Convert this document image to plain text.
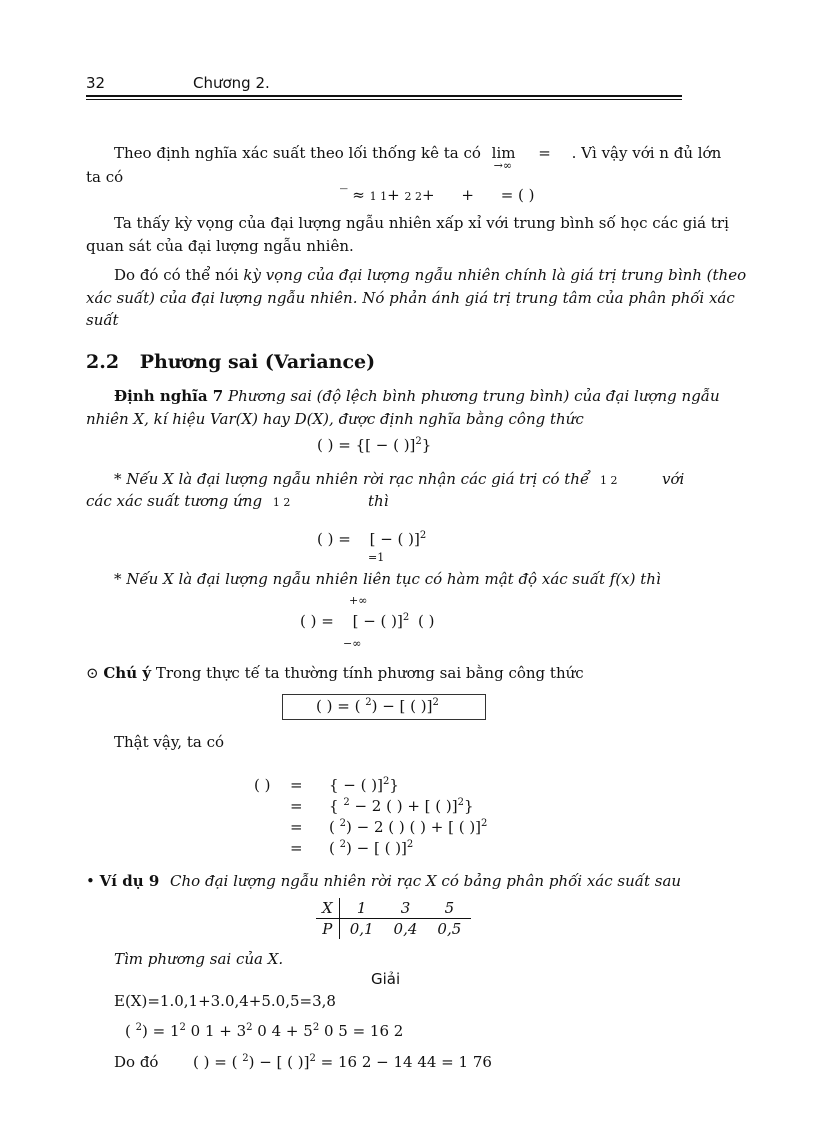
32	Chương 2.
Theo định nghĩa xác suất theo lối thống kê ta có lim
→∞
= . Vì vậy với n đủ lớn
ta có
‾ ≈ 1 1+ 2 2+ + = ( )
Ta thấy kỳ vọng của đại lượng ngẫu nhiên xấp xỉ với trung bình số học các giá trị
quan sát của đại lượng ngẫu nhiên.
Do đó có thể nói kỳ vọng của đại lượng ngẫu nhiên chính là giá trị trung bình (theo
xác suất) của đại lượng ngẫu nhiên. Nó phản ánh giá trị trung tâm của phân phối xác
suất
2.2 Phương sai (Variance)
Định nghĩa 7 Phương sai (độ lệch bình phương trung bình) của đại lượng ngẫu
nhiên X, kí hiệu Var(X) hay D(X), được định nghĩa bằng công thức
( ) = {[ − ( )]$^2$}
* Nếu X là đại lượng ngẫu nhiên rời rạc nhận các giá trị có thể 1 2	với
các xác suất tương ứng 1 2	thì
( ) = [ − ( )]$^2$
=1
* Nếu X là đại lượng ngẫu nhiên liên tục có hàm mật độ xác suất f(x) thì
+∞
( ) = [ − ( )]$^2$ ( )
−∞
⊙ Chú ý Trong thực tế ta thường tính phương sai bằng công thức
( ) = ( $^2$) − [ ( )]$^2$
Thật vậy, ta có
( ) =
=
=
=
{ − ( )]$^2$}
{ $^2$ − 2 ( ) + [ ( )]$^2$}
( $^2$) − 2 ( ) ( ) + [ ( )]$^2$
( $^2$) − [ ( )]$^2$
• Ví dụ 9 Cho đại lượng ngẫu nhiên rời rạc X có bảng phân phối xác suất sau
X	1	3	5
P	0,1	0,4	0,5
Tìm phương sai của X.
Giải
E(X)=1.0,1+3.0,4+5.0,5=3,8
( $^2) = 1^2$ 0 $1 + 3^2$ 0 $4 + 5^2$ 0 5 = 16 2
Do đó ( ) = ( $^2$) − [ ( )]$^2$ = 16 2 − 14 44 = 1 76
